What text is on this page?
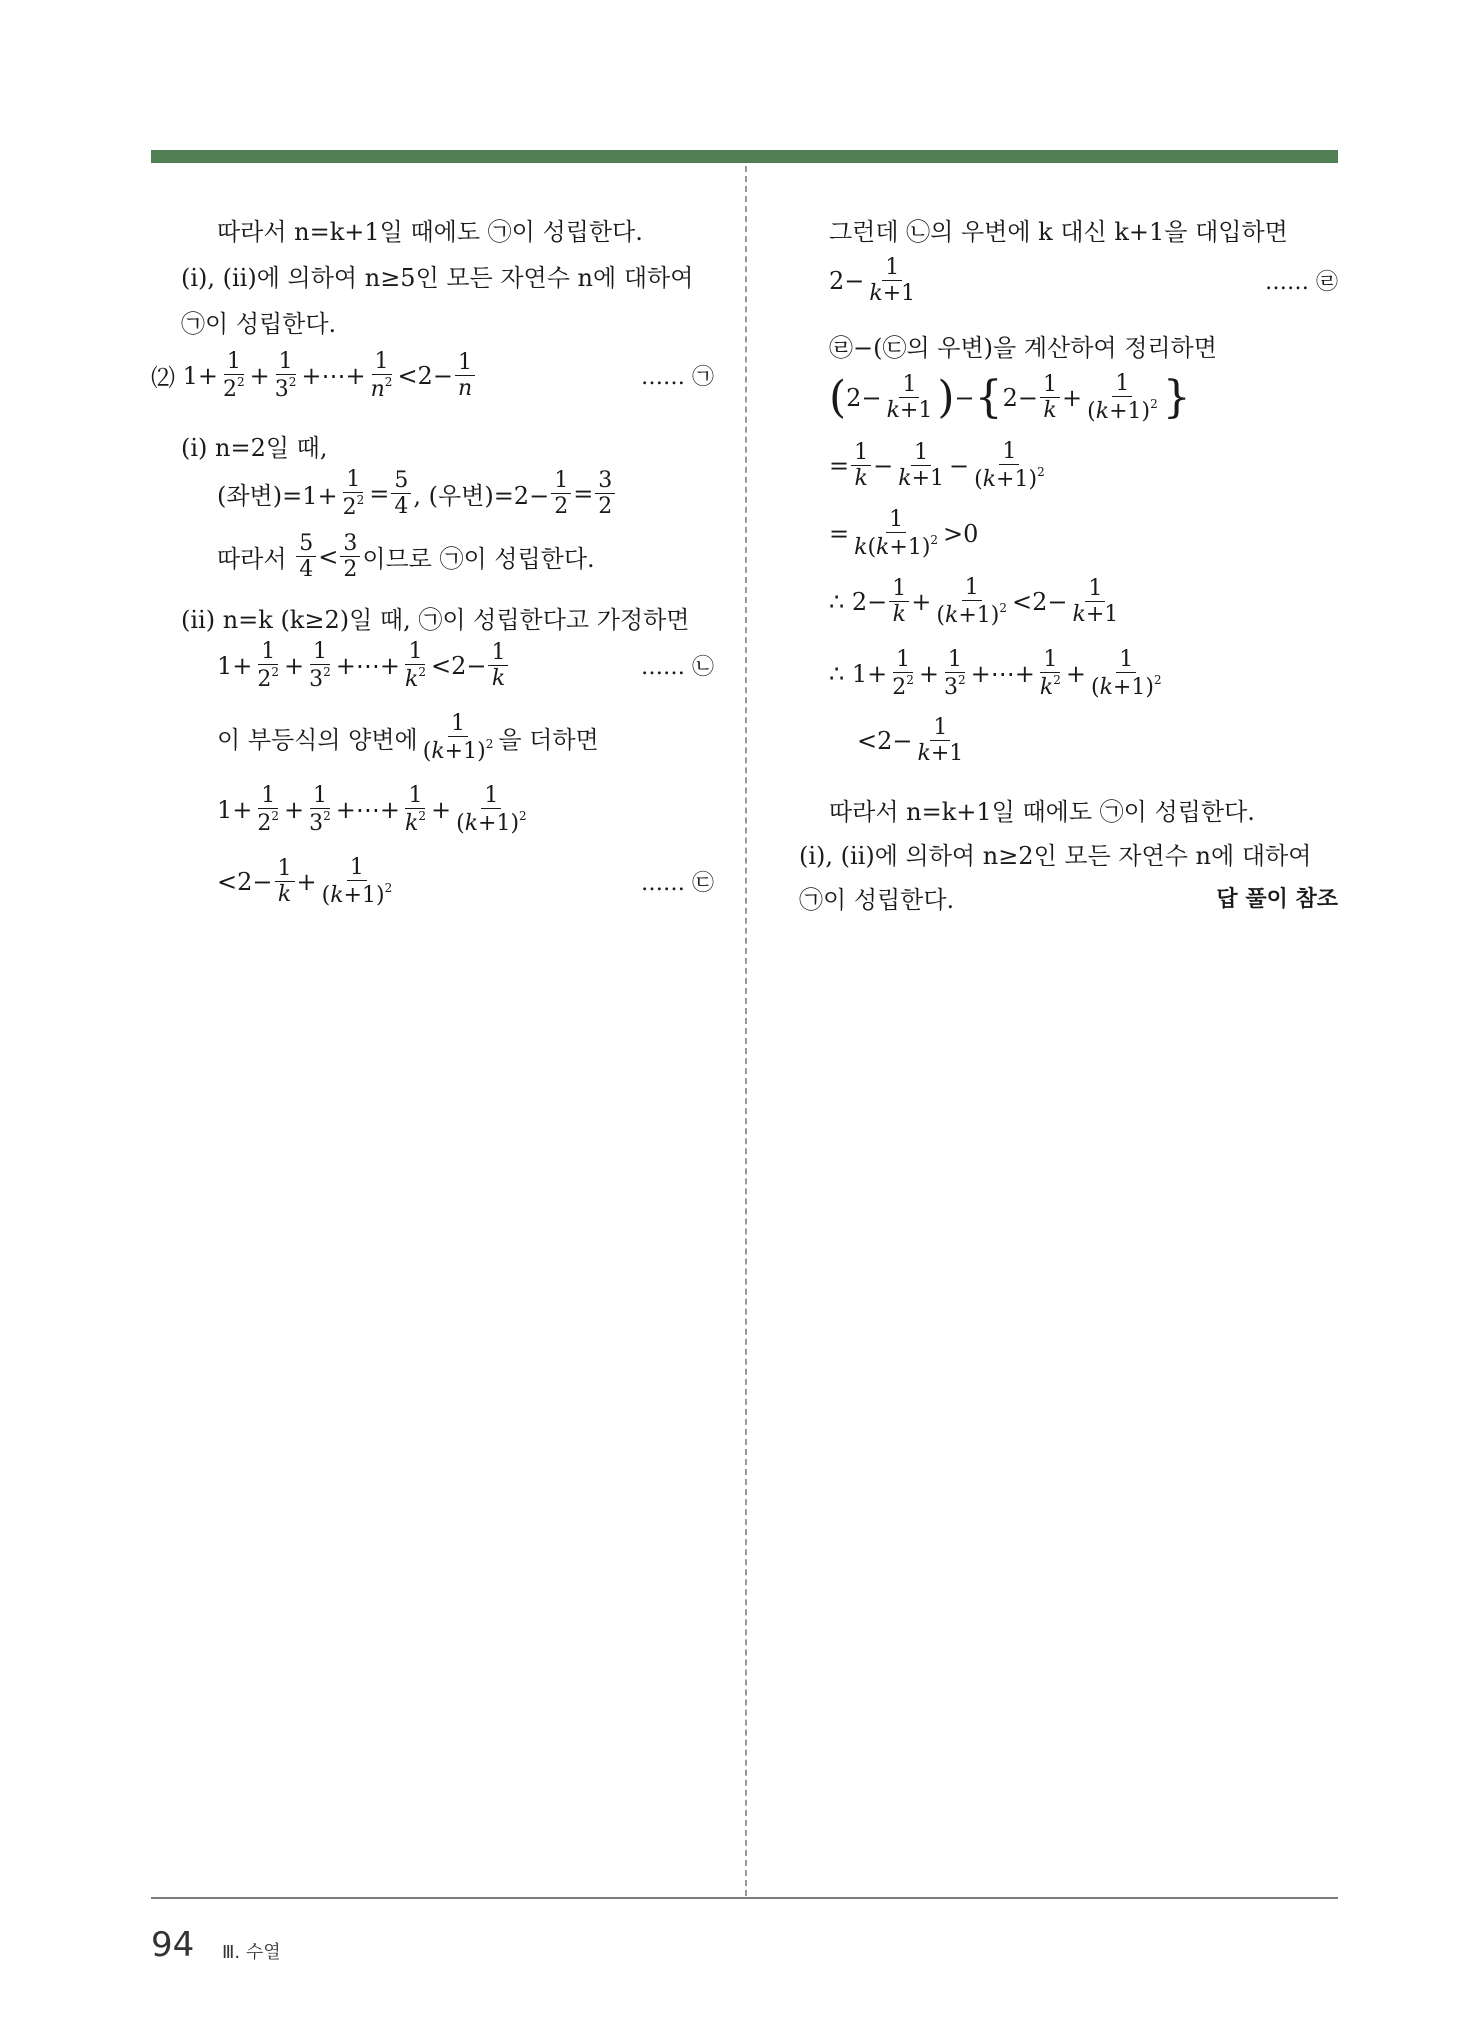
따라서 n=k+1일 때에도 ㉠이 성립한다.
(ⅰ), (ⅱ)에 의하여 n≥5인 모든 자연수 n에 대하여
㉠이 성립한다.
⑵ $1+ \frac{1}{2^2} + \frac{1}{3^2}$ +⋯+ $\frac{1}{n^2} <2- \frac{1}{n}$	…… ㉠
(ⅰ) n=2일 때,
(좌변)$=1+ \frac{1}{2^2} = \frac{5}{4}$ , (우변)$=2- \frac{1}{2} = \frac{3}{2}$
따라서
$\frac{5}{4} < \frac{3}{2}$ 이므로 ㉠이 성립한다.
(ⅱ) n=k (k≥2)일 때, ㉠이 성립한다고 가정하면
$1+ \frac{1}{2^2} + \frac{1}{3^2}$ +⋯+ $\frac{1}{k^2} <2- \frac{1}{k}$	…… ㉡
이 부등식의 양변에 $\frac{1}{(k+1)^2}$ 을 더하면
$1+ \frac{1}{2^2} + \frac{1}{3^2}$ +⋯+ $\frac{1}{k^2} + \frac{1}{(k+1)^2}$
$<2- \frac{1}{k} + \frac{1}{(k+1)^2}$	…… ㉢
그런데 ㉡의 우변에 k 대신 k+1을 대입하면
$2- \frac{1}{k+1}$	…… ㉣
㉣−(㉢의 우변)을 계산하여 정리하면
( $2- \frac{1}{k+1}$ ) − { $2- \frac{1}{k} + \frac{1}{(k+1)^2}$ }
= $\frac{1}{k} - \frac{1}{k+1} - \frac{1}{(k+1)^2}$
= $\frac{1}{k(k+1)^2} >0$
∴ $2- \frac{1}{k} + \frac{1}{(k+1)^2} <2- \frac{1}{k+1}$
∴ $1+ \frac{1}{2^2} + \frac{1}{3^2}$ +⋯+ $\frac{1}{k^2} + \frac{1}{(k+1)^2}$
$<2- \frac{1}{k+1}$
따라서 n=k+1일 때에도 ㉠이 성립한다.
(ⅰ), (ⅱ)에 의하여 n≥2인 모든 자연수 n에 대하여
㉠이 성립한다.	답 풀이 참조
94 Ⅲ. 수열
